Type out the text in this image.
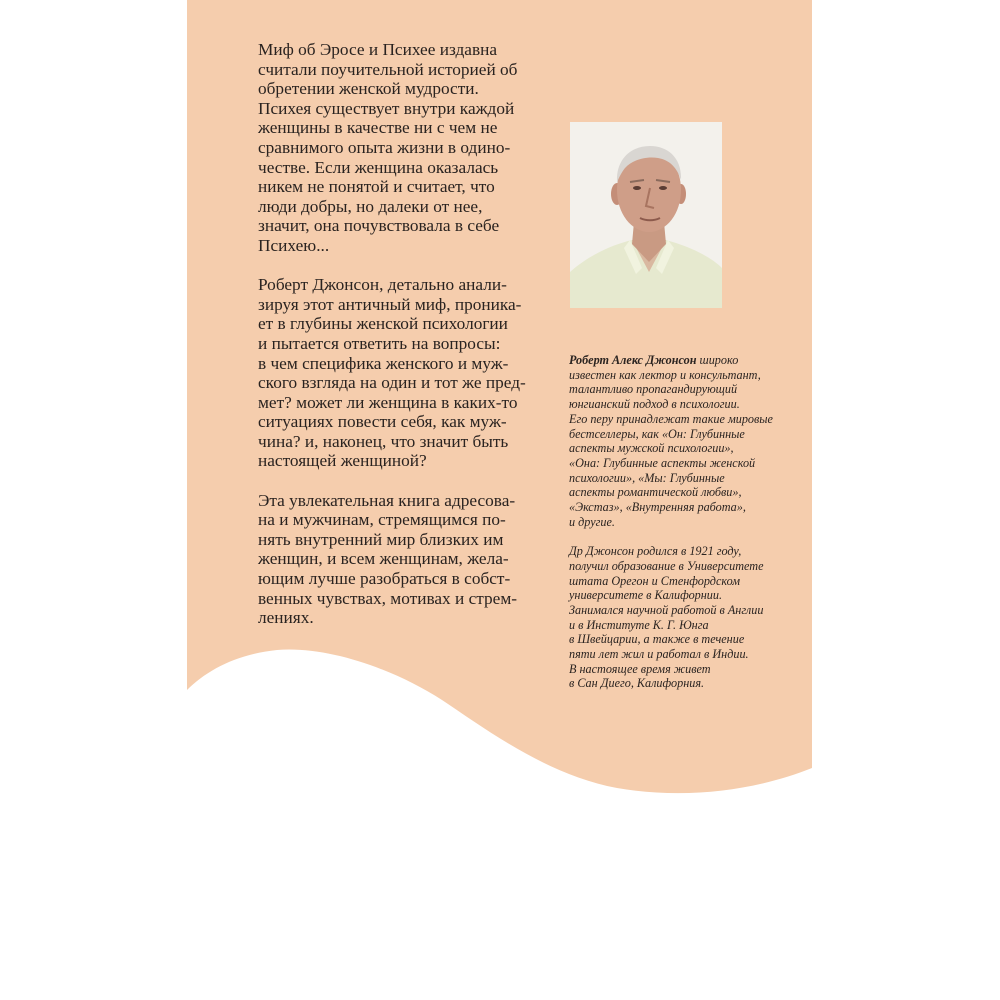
Миф об Эросе и Психее издавна
считали поучительной историей об
обретении женской мудрости.
Психея существует внутри каждой
женщины в качестве ни с чем не
сравнимого опыта жизни в одино-
честве. Если женщина оказалась
никем не понятой и считает, что
люди добры, но далеки от нее,
значит, она почувствовала в себе
Психею...

Роберт Джонсон, детально анали-
зируя этот античный миф, проника-
ет в глубины женской психологии
и пытается ответить на вопросы:
в чем специфика женского и муж-
ского взгляда на один и тот же пред-
мет? может ли женщина в каких-то
ситуациях повести себя, как муж-
чина? и, наконец, что значит быть
настоящей женщиной?

Эта увлекательная книга адресова-
на и мужчинам, стремящимся по-
нять внутренний мир близких им
женщин, и всем женщинам, жела-
ющим лучше разобраться в собст-
венных чувствах, мотивах и стрем-
лениях.

Роберт Алекс Джонсон широко
известен как лектор и консультант,
талантливо пропагандирующий
юнгианский подход в психологии.
Его перу принадлежат такие мировые
бестселлеры, как «Он: Глубинные
аспекты мужской психологии»,
«Она: Глубинные аспекты женской
психологии», «Мы: Глубинные
аспекты романтической любви»,
«Экстаз», «Внутренняя работа»,
и другие.

Др Джонсон родился в 1921 году,
получил образование в Университете
штата Орегон и Стенфордском
университете в Калифорнии.
Занимался научной работой в Англии
и в Институте К. Г. Юнга
в Швейцарии, а также в течение
пяти лет жил и работал в Индии.
В настоящее время живет
в Сан Диего, Калифорния.
